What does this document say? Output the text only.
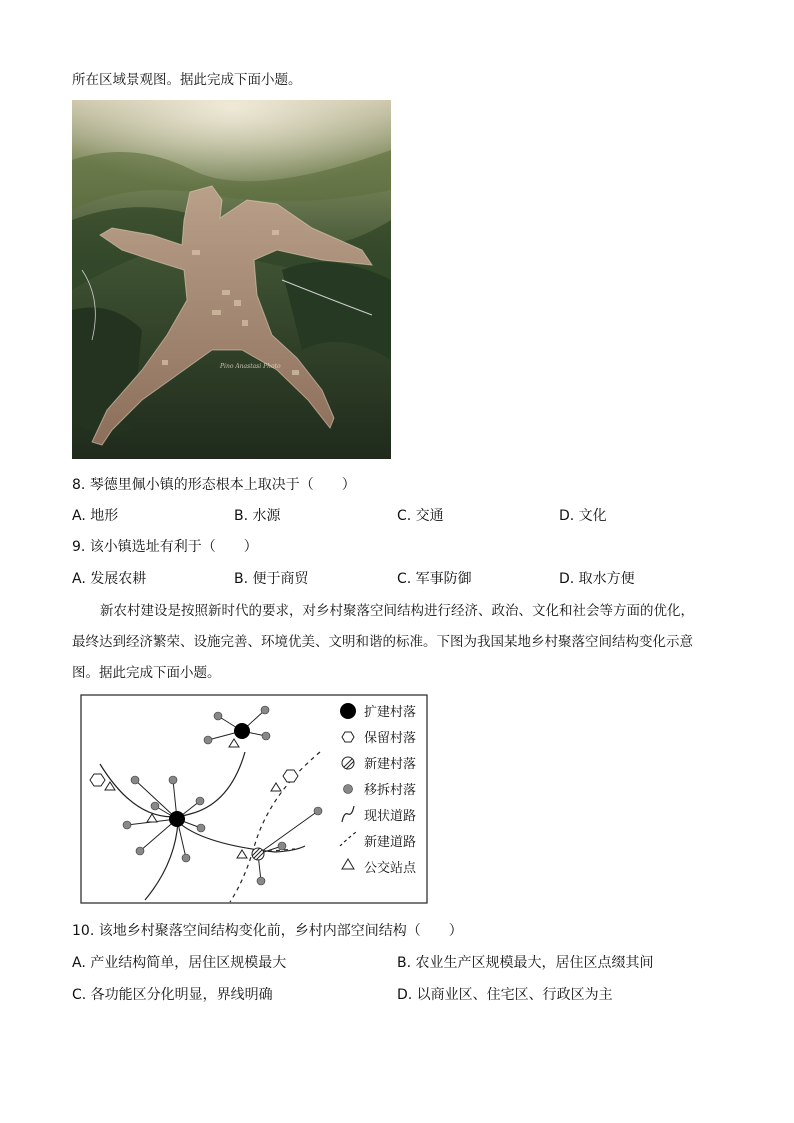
所在区域景观图。据此完成下面小题。
Pino Anastasi Photo
8. 琴德里佩小镇的形态根本上取决于（　　）
A. 地形	B. 水源	C. 交通	D. 文化
9. 该小镇选址有利于（　　）
A. 发展农耕	B. 便于商贸	C. 军事防御	D. 取水方便
新农村建设是按照新时代的要求，对乡村聚落空间结构进行经济、政治、文化和社会等方面的优化，
最终达到经济繁荣、设施完善、环境优美、文明和谐的标准。下图为我国某地乡村聚落空间结构变化示意
图。据此完成下面小题。
扩建村落
保留村落
新建村落
移拆村落
现状道路
新建道路
公交站点
10. 该地乡村聚落空间结构变化前，乡村内部空间结构（　　）
A. 产业结构简单，居住区规模最大	B. 农业生产区规模最大，居住区点缀其间
C. 各功能区分化明显，界线明确	D. 以商业区、住宅区、行政区为主
